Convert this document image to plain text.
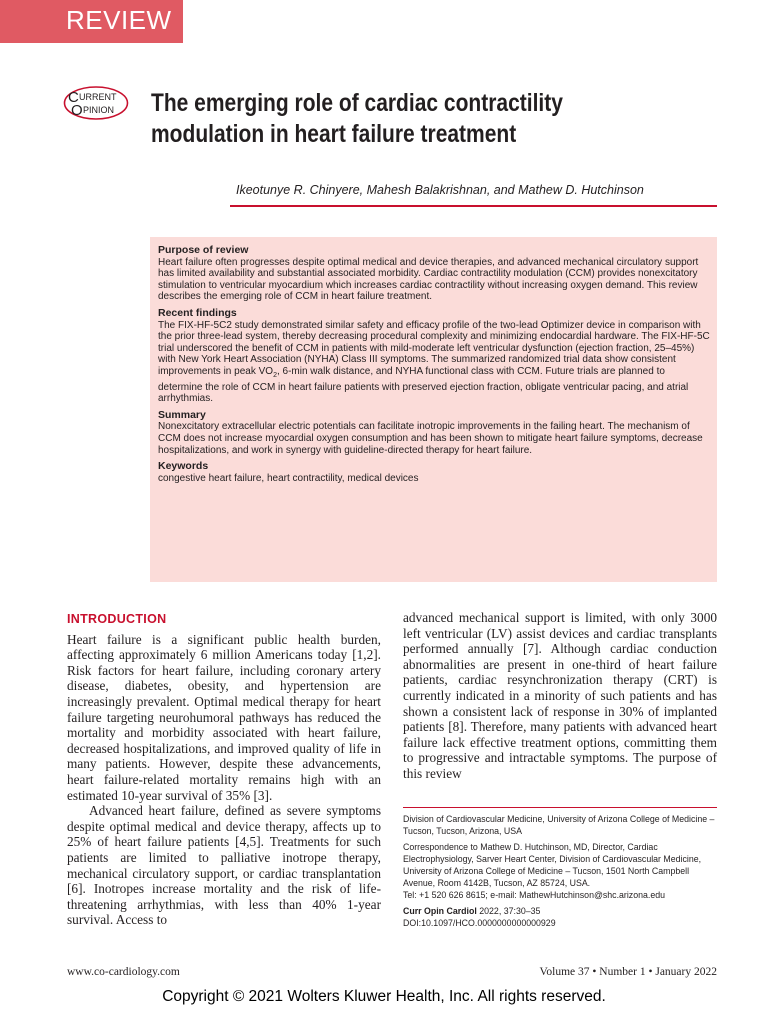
REVIEW
C URRENT
O PINION The emerging role of cardiac contractility
modulation in heart failure treatment
Ikeotunye R. Chinyere, Mahesh Balakrishnan, and Mathew D. Hutchinson

Purpose of review

Heart failure often progresses despite optimal medical and device therapies, and advanced mechanical circulatory support has limited availability and substantial associated morbidity. Cardiac contractility modulation (CCM) provides nonexcitatory stimulation to ventricular myocardium which increases cardiac contractility without increasing oxygen demand. This review describes the emerging role of CCM in heart failure treatment.

Recent findings

The FIX-HF-5C2 study demonstrated similar safety and efficacy profile of the two-lead Optimizer device in comparison with the prior three-lead system, thereby decreasing procedural complexity and minimizing endocardial hardware. The FIX-HF-5C trial underscored the benefit of CCM in patients with mild-moderate left ventricular dysfunction (ejection fraction, 25–45%) with New York Heart Association (NYHA) Class III symptoms. The summarized randomized trial data show consistent improvements in peak $VO_2$, 6-min walk distance, and NYHA functional class with CCM. Future trials are planned to determine the role of CCM in heart failure patients with preserved ejection fraction, obligate ventricular pacing, and atrial arrhythmias.

Summary

Nonexcitatory extracellular electric potentials can facilitate inotropic improvements in the failing heart. The mechanism of CCM does not increase myocardial oxygen consumption and has been shown to mitigate heart failure symptoms, decrease hospitalizations, and work in synergy with guideline-directed therapy for heart failure.

Keywords

congestive heart failure, heart contractility, medical devices

INTRODUCTION

Heart failure is a significant public health burden, affecting approximately 6 million Americans today [1,2]. Risk factors for heart failure, including coronary artery disease, diabetes, obesity, and hypertension are increasingly prevalent. Optimal medical therapy for heart failure targeting neurohumoral pathways has reduced the mortality and morbidity associated with heart failure, decreased hospitalizations, and improved quality of life in many patients. However, despite these advancements, heart failure-related mortality remains high with an estimated 10-year survival of 35% [3].

Advanced heart failure, defined as severe symptoms despite optimal medical and device therapy, affects up to 25% of heart failure patients [4,5]. Treatments for such patients are limited to palliative inotrope therapy, mechanical circulatory support, or cardiac transplantation [6]. Inotropes increase mortality and the risk of life-threatening arrhythmias, with less than 40% 1-year survival. Access to

advanced mechanical support is limited, with only 3000 left ventricular (LV) assist devices and cardiac transplants performed annually [7]. Although cardiac conduction abnormalities are present in one-third of heart failure patients, cardiac resynchronization therapy (CRT) is currently indicated in a minority of such patients and has shown a consistent lack of response in 30% of implanted patients [8]. Therefore, many patients with advanced heart failure lack effective treatment options, committing them to progressive and intractable symptoms. The purpose of this review

Division of Cardiovascular Medicine, University of Arizona College of Medicine – Tucson, Tucson, Arizona, USA

Correspondence to Mathew D. Hutchinson, MD, Director, Cardiac Electrophysiology, Sarver Heart Center, Division of Cardiovascular Medicine, University of Arizona College of Medicine – Tucson, 1501 North Campbell Avenue, Room 4142B, Tucson, AZ 85724, USA.

Tel: +1 520 626 8615; e-mail: MathewHutchinson@shc.arizona.edu

Curr Opin Cardiol 2022, 37:30–35

DOI:10.1097/HCO.0000000000000929

www.co-cardiology.com	Volume 37 • Number 1 • January 2022
Copyright © 2021 Wolters Kluwer Health, Inc. All rights reserved.
